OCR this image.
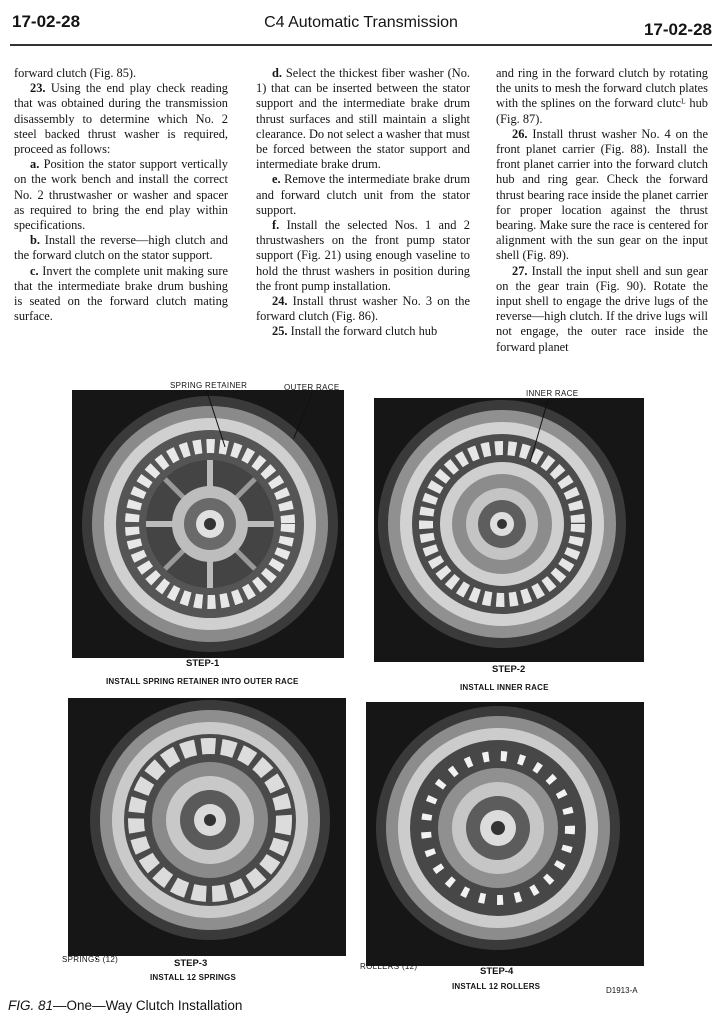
17-02-28	C4 Automatic Transmission	17-02-28

forward clutch (Fig. 85).

23. Using the end play check reading that was obtained during the transmission disassembly to determine which No. 2 steel backed thrust washer is required, proceed as follows:

a. Position the stator support vertically on the work bench and install the correct No. 2 thrustwasher or washer and spacer as required to bring the end play within specifications.

b. Install the reverse—high clutch and the forward clutch on the stator support.

c. Invert the complete unit making sure that the intermediate brake drum bushing is seated on the forward clutch mating surface.

d. Select the thickest fiber washer (No. 1) that can be inserted between the stator support and the intermediate brake drum thrust surfaces and still maintain a slight clearance. Do not select a washer that must be forced between the stator support and intermediate brake drum.

e. Remove the intermediate brake drum and forward clutch unit from the stator support.

f. Install the selected Nos. 1 and 2 thrustwashers on the front pump stator support (Fig. 21) using enough vaseline to hold the thrust washers in position during the front pump installation.

24. Install thrust washer No. 3 on the forward clutch (Fig. 86).

25. Install the forward clutch hub

and ring in the forward clutch by rotating the units to mesh the forward clutch plates with the splines on the forward clutcᴸ hub (Fig. 87).

26. Install thrust washer No. 4 on the front planet carrier (Fig. 88). Install the front planet carrier into the forward clutch hub and ring gear. Check the forward thrust bearing race inside the planet carrier for proper location against the thrust bearing. Make sure the race is centered for alignment with the sun gear on the input shell (Fig. 89).

27. Install the input shell and sun gear on the gear train (Fig. 90). Rotate the input shell to engage the drive lugs of the reverse—high clutch. If the drive lugs will not engage, the outer race inside the forward planet

SPRING RETAINER	OUTER RACE
STEP-1
INSTALL SPRING RETAINER INTO OUTER RACE
INNER RACE
STEP-2
INSTALL INNER RACE
SPRINGS (12)	STEP-3
INSTALL 12 SPRINGS
ROLLERS (12)	STEP-4
INSTALL 12 ROLLERS	D1913-A
FIG. 81—One—Way Clutch Installation
